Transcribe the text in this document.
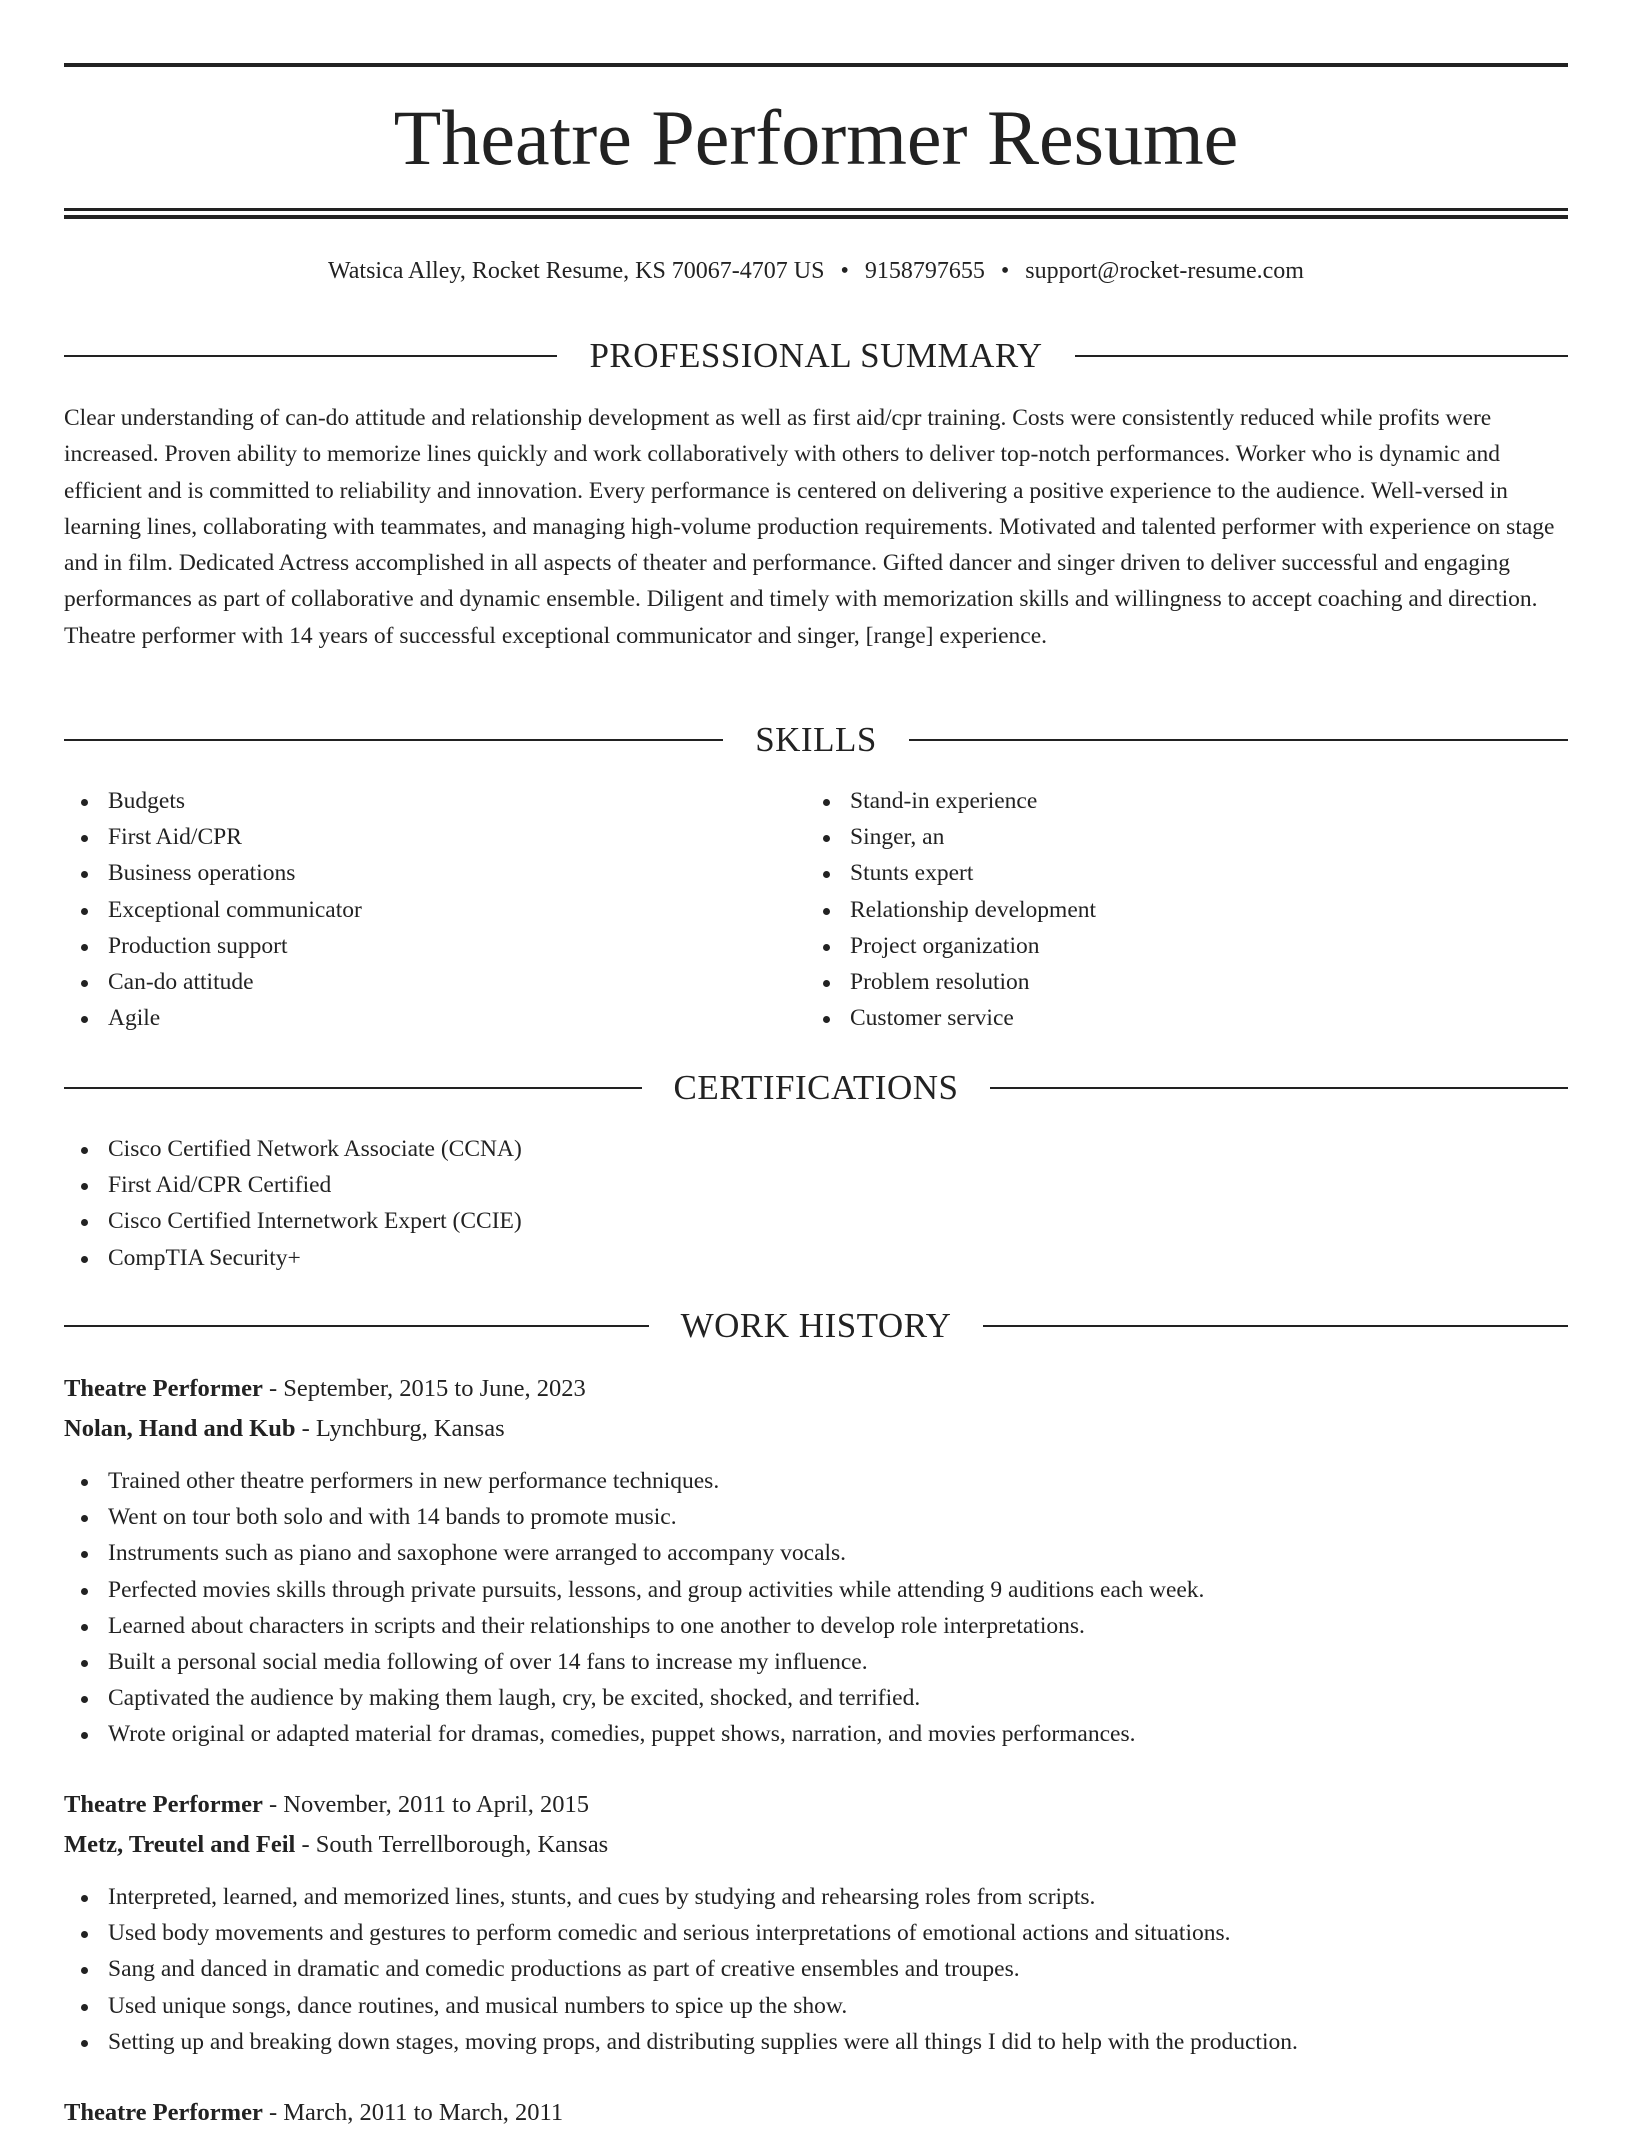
Theatre Performer Resume
Watsica Alley, Rocket Resume, KS 70067-4707 US • 9158797655 • support@rocket-resume.com
PROFESSIONAL SUMMARY

Clear understanding of can-do attitude and relationship development as well as first aid/cpr training. Costs were consistently reduced while profits were increased. Proven ability to memorize lines quickly and work collaboratively with others to deliver top-notch performances. Worker who is dynamic and efficient and is committed to reliability and innovation. Every performance is centered on delivering a positive experience to the audience. Well-versed in learning lines, collaborating with teammates, and managing high-volume production requirements. Motivated and talented performer with experience on stage and in film. Dedicated Actress accomplished in all aspects of theater and performance. Gifted dancer and singer driven to deliver successful and engaging performances as part of collaborative and dynamic ensemble. Diligent and timely with memorization skills and willingness to accept coaching and direction. Theatre performer with 14 years of successful exceptional communicator and singer, [range] experience.

SKILLS
Budgets
First Aid/CPR
Business operations
Exceptional communicator
Production support
Can-do attitude
Agile
Stand-in experience
Singer, an
Stunts expert
Relationship development
Project organization
Problem resolution
Customer service
CERTIFICATIONS
Cisco Certified Network Associate (CCNA)
First Aid/CPR Certified
Cisco Certified Internetwork Expert (CCIE)
CompTIA Security+
WORK HISTORY
Theatre Performer - September, 2015 to June, 2023
Nolan, Hand and Kub - Lynchburg, Kansas
Trained other theatre performers in new performance techniques.
Went on tour both solo and with 14 bands to promote music.
Instruments such as piano and saxophone were arranged to accompany vocals.
Perfected movies skills through private pursuits, lessons, and group activities while attending 9 auditions each week.
Learned about characters in scripts and their relationships to one another to develop role interpretations.
Built a personal social media following of over 14 fans to increase my influence.
Captivated the audience by making them laugh, cry, be excited, shocked, and terrified.
Wrote original or adapted material for dramas, comedies, puppet shows, narration, and movies performances.
Theatre Performer - November, 2011 to April, 2015
Metz, Treutel and Feil - South Terrellborough, Kansas
Interpreted, learned, and memorized lines, stunts, and cues by studying and rehearsing roles from scripts.
Used body movements and gestures to perform comedic and serious interpretations of emotional actions and situations.
Sang and danced in dramatic and comedic productions as part of creative ensembles and troupes.
Used unique songs, dance routines, and musical numbers to spice up the show.
Setting up and breaking down stages, moving props, and distributing supplies were all things I did to help with the production.
Theatre Performer - March, 2011 to March, 2011
